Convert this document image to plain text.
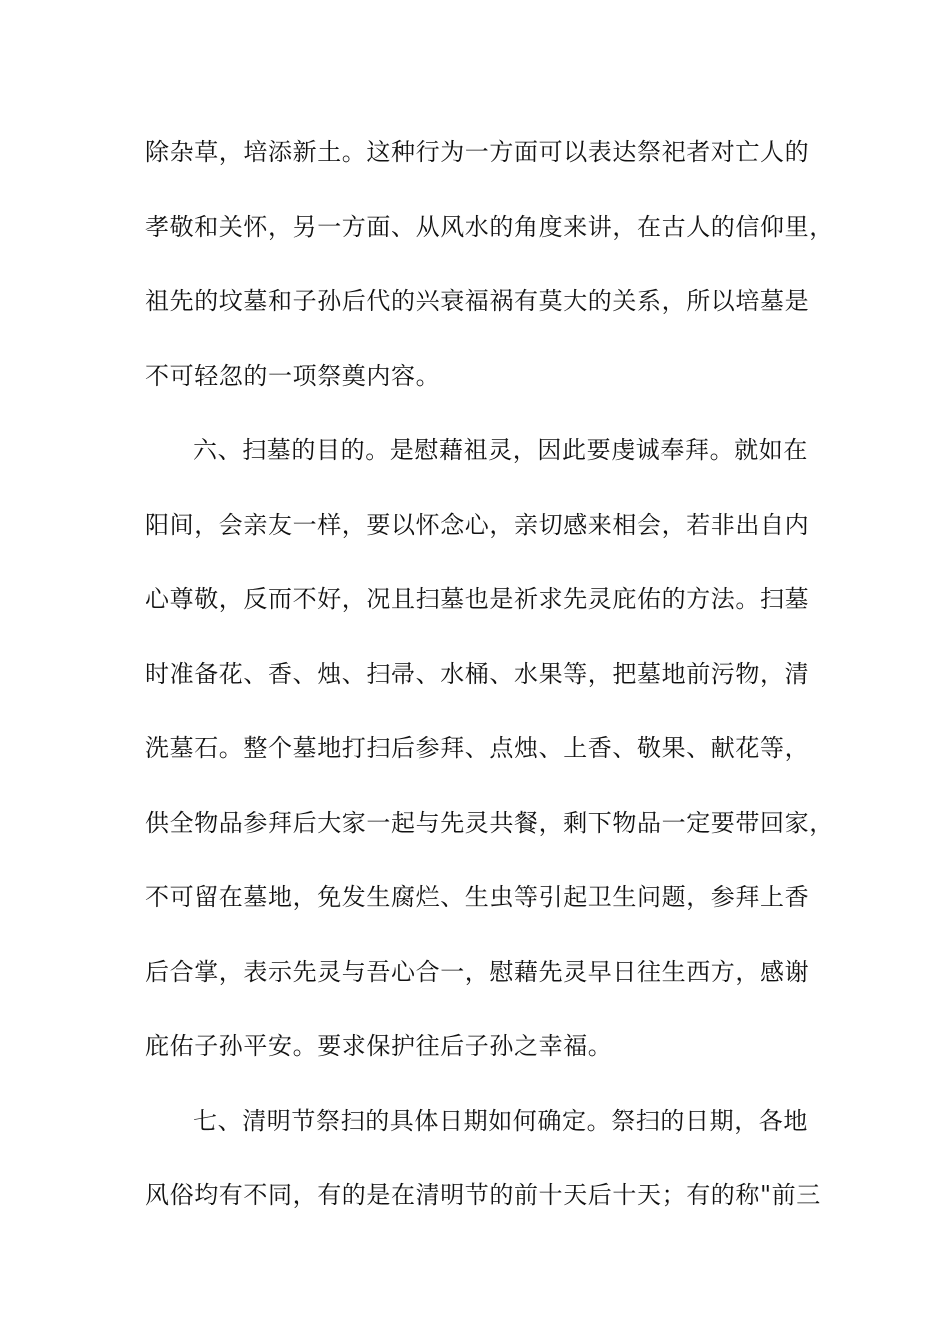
除杂草，培添新土。这种行为一方面可以表达祭祀者对亡人的
孝敬和关怀，另一方面、从风水的角度来讲，在古人的信仰里，
祖先的坟墓和子孙后代的兴衰福祸有莫大的关系，所以培墓是
不可轻忽的一项祭奠内容。
六、扫墓的目的。是慰藉祖灵，因此要虔诚奉拜。就如在
阳间，会亲友一样，要以怀念心，亲切感来相会，若非出自内
心尊敬，反而不好，况且扫墓也是祈求先灵庇佑的方法。扫墓
时准备花、香、烛、扫帚、水桶、水果等，把墓地前污物，清
洗墓石。整个墓地打扫后参拜、点烛、上香、敬果、献花等，
供全物品参拜后大家一起与先灵共餐，剩下物品一定要带回家，
不可留在墓地，免发生腐烂、生虫等引起卫生问题，参拜上香
后合掌，表示先灵与吾心合一，慰藉先灵早日往生西方，感谢
庇佑子孙平安。要求保护往后子孙之幸福。
七、清明节祭扫的具体日期如何确定。祭扫的日期，各地
风俗均有不同，有的是在清明节的前十天后十天；有的称"前三
